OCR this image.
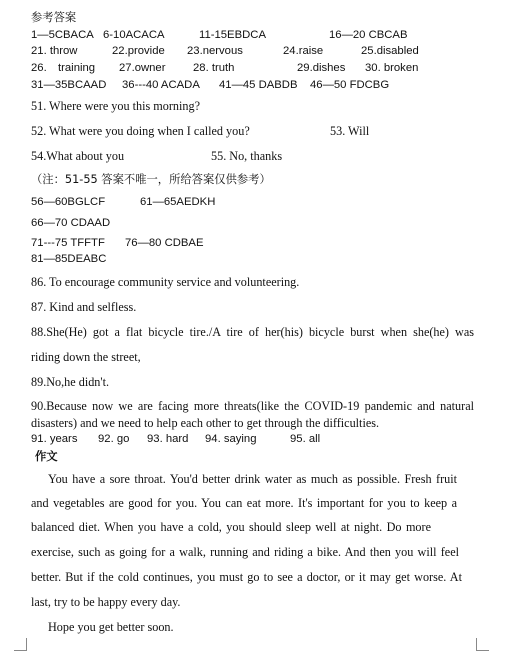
参考答案
1—5CBACA 6-10ACACA	11-15EBDCA	16—20 CBCAB
21. throw	22.provide 23.nervous	24.raise	25.disabled
26. training 27.owner 28. truth	29.dishes 30. broken
31—35BCAAD 36---40 ACADA 41—45 DABDB 46—50 FDCBG
51. Where were you this morning?
52. What were you doing when I called you?	53. Will
54.What about you	55. No, thanks
（注：51-55 答案不唯一，所给答案仅供参考）
56—60BGLCF	61—65AEDKH
66—70 CDAAD
71---75 TFFTF 76—80 CDBAE
81—85DEABC
86. To encourage community service and volunteering.
87. Kind and selfless.
88.She(He) got a flat bicycle tire./A tire of her(his) bicycle burst when she(he) was
riding down the street,
89.No,he didn't.
90.Because now we are facing more threats(like the COVID-19 pandemic and natural
disasters) and we need to help each other to get through the difficulties.
91. years 92. go 93. hard 94. saying	95. all
作文
You have a sore throat. You'd better drink water as much as possible. Fresh fruit
and vegetables are good for you. You can eat more. It's important for you to keep a
balanced diet. When you have a cold, you should sleep well at night. Do more
exercise, such as going for a walk, running and riding a bike. And then you will feel
better. But if the cold continues, you must go to see a doctor, or it may get worse. At
last, try to be happy every day.
Hope you get better soon.
